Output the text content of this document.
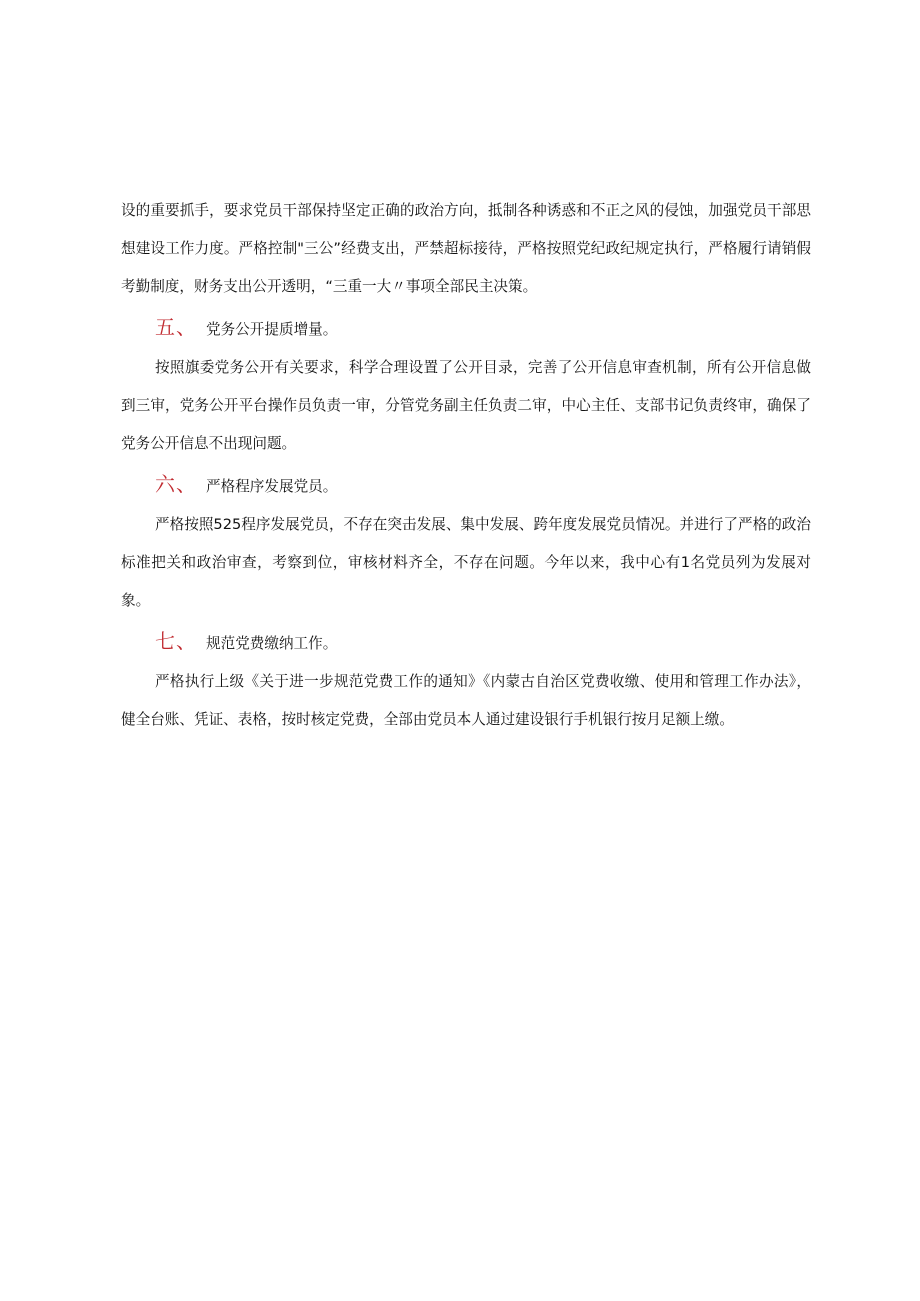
设的重要抓手，要求党员干部保持坚定正确的政治方向，抵制各种诱惑和不正之风的侵蚀，加强党员干部思想建设工作力度。严格控制"三公”经费支出，严禁超标接待，严格按照党纪政纪规定执行，严格履行请销假考勤制度，财务支出公开透明，“三重一大〃事项全部民主决策。

五、 党务公开提质增量。

按照旗委党务公开有关要求，科学合理设置了公开目录，完善了公开信息审查机制，所有公开信息做到三审，党务公开平台操作员负责一审，分管党务副主任负责二审，中心主任、支部书记负责终审，确保了党务公开信息不出现问题。

六、 严格程序发展党员。

严格按照525程序发展党员，不存在突击发展、集中发展、跨年度发展党员情况。并进行了严格的政治标准把关和政治审查，考察到位，审核材料齐全，不存在问题。今年以来，我中心有1名党员列为发展对象。

七、 规范党费缴纳工作。

严格执行上级《关于进一步规范党费工作的通知》《内蒙古自治区党费收缴、使用和管理工作办法》，健全台账、凭证、表格，按时核定党费，全部由党员本人通过建设银行手机银行按月足额上缴。
